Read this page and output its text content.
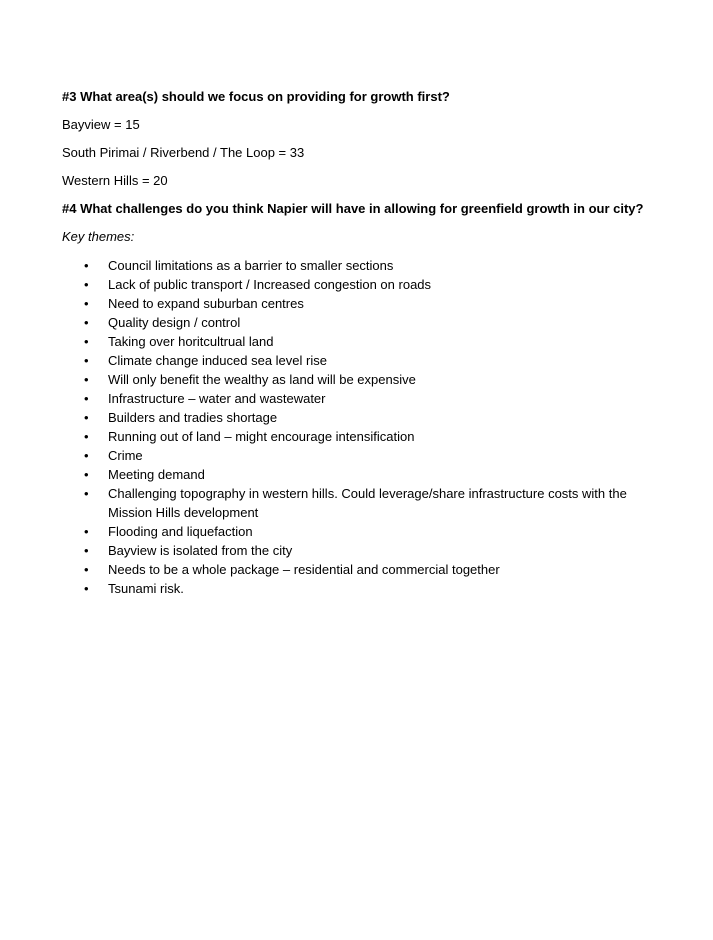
#3 What area(s) should we focus on providing for growth first?
Bayview = 15
South Pirimai / Riverbend / The Loop = 33
Western Hills = 20
#4 What challenges do you think Napier will have in allowing for greenfield growth in our city?
Key themes:
• Council limitations as a barrier to smaller sections
• Lack of public transport / Increased congestion on roads
• Need to expand suburban centres
• Quality design / control
• Taking over horitcultrual land
• Climate change induced sea level rise
• Will only benefit the wealthy as land will be expensive
• Infrastructure – water and wastewater
• Builders and tradies shortage
• Running out of land – might encourage intensification
• Crime
• Meeting demand
• Challenging topography in western hills. Could leverage/share infrastructure costs with the Mission Hills development
• Flooding and liquefaction
• Bayview is isolated from the city
• Needs to be a whole package – residential and commercial together
• Tsunami risk.
